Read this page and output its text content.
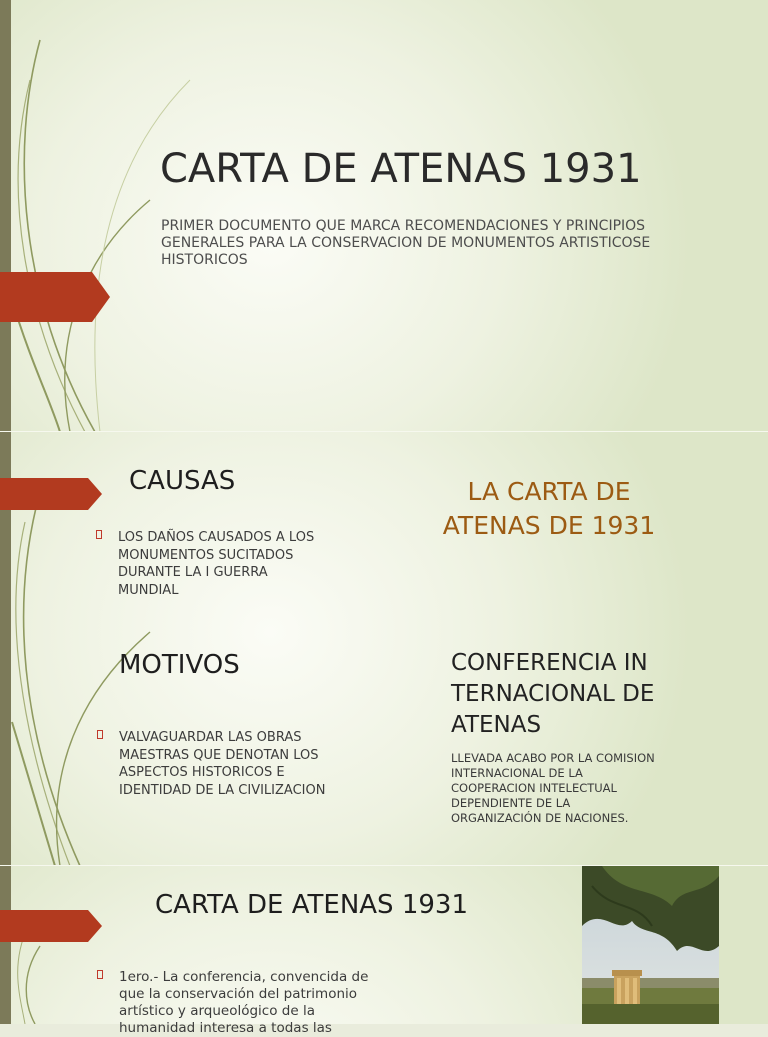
CARTA DE ATENAS 1931

PRIMER DOCUMENTO QUE MARCA RECOMENDACIONES Y PRINCIPIOS GENERALES PARA LA CONSERVACION DE MONUMENTOS ARTISTICOSE HISTORICOS

CAUSAS
LOS DAÑOS CAUSADOS A LOS MONUMENTOS SUCITADOS DURANTE LA I GUERRA MUNDIAL
MOTIVOS
VALVAGUARDAR LAS OBRAS MAESTRAS QUE DENOTAN LOS ASPECTOS HISTORICOS E IDENTIDAD DE LA CIVILIZACION
LA CARTA DE ATENAS DE 1931
CONFERENCIA INTERNACIONAL DE ATENAS
LLEVADA ACABO POR LA COMISION INTERNACIONAL DE LA COOPERACION INTELECTUAL DEPENDIENTE DE LA ORGANIZACIÓN DE NACIONES.
CARTA DE ATENAS 1931
1ero.- La conferencia, convencida de que la conservación del patrimonio artístico y arqueológico de la humanidad interesa a todas las
